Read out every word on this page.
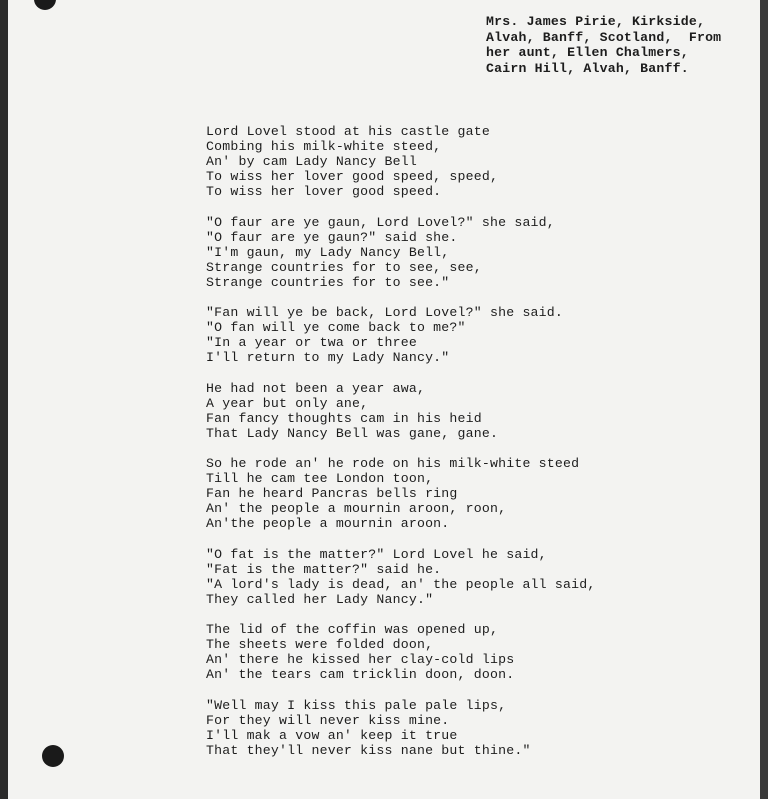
Mrs. James Pirie, Kirkside,
Alvah, Banff, Scotland,  From
her aunt, Ellen Chalmers,
Cairn Hill, Alvah, Banff.
Lord Lovel stood at his castle gate
Combing his milk-white steed,
An' by cam Lady Nancy Bell
To wiss her lover good speed, speed,
To wiss her lover good speed.
"O faur are ye gaun, Lord Lovel?" she said,
"O faur are ye gaun?" said she.
"I'm gaun, my Lady Nancy Bell,
Strange countries for to see, see,
Strange countries for to see."
"Fan will ye be back, Lord Lovel?" she said.
"O fan will ye come back to me?"
"In a year or twa or three
I'll return to my Lady Nancy."
He had not been a year awa,
A year but only ane,
Fan fancy thoughts cam in his heid
That Lady Nancy Bell was gane, gane.
So he rode an' he rode on his milk-white steed
Till he cam tee London toon,
Fan he heard Pancras bells ring
An' the people a mournin aroon, roon,
An'the people a mournin aroon.
"O fat is the matter?" Lord Lovel he said,
"Fat is the matter?" said he.
"A lord's lady is dead, an' the people all said,
They called her Lady Nancy."
The lid of the coffin was opened up,
The sheets were folded doon,
An' there he kissed her clay-cold lips
An' the tears cam tricklin doon, doon.
"Well may I kiss this pale pale lips,
For they will never kiss mine.
I'll mak a vow an' keep it true
That they'll never kiss nane but thine."
